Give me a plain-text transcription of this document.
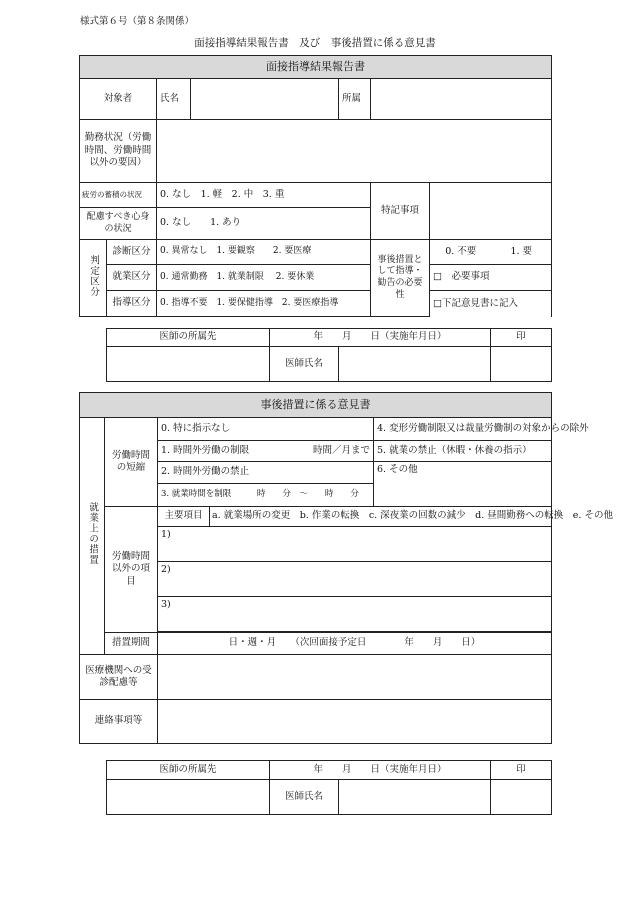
様式第６号（第８条関係）
面接指導結果報告書　及び　事後措置に係る意見書
面接指導結果報告書							
対象者		氏名		所属			
勤務状況（労働時間、労働時間以外の要因）							
疲労の蓄積の状況		0. なし　1. 軽　2. 中　3. 重			特記事項		
配慮すべき心身の状況		0. なし　　1. あり					
判定区分	診断区分	0. 異常なし　1. 要観察　　2. 要医療			事後措置として指導・勧告の必要性	0. 不要	1. 要
	就業区分	0. 通常勤務　1. 就業制限　 2. 要休業				□　必要事項	
	指導区分	0. 指導不要　1. 要保健指導　2. 要医療指導				□下記意見書に記入	
医師の所属先	年　　月　　日（実施年月日）		印
	医師氏名		
事後措置に係る意見書				
就業上の措置	労働時間の短縮	0. 特に指示なし		4. 変形労働制限又は裁量労働制の対象からの除外
		1. 時間外労働の制限 時間／月まで		5. 就業の禁止（休暇・休養の指示）
		2. 時間外労働の禁止		6. その他
		3. 就業時間を制限　　　時　　分　～　　時　　分		
	労働時間以外の項目	主要項目	a. 就業場所の変更　b. 作業の転換　c. 深夜業の回数の減少　d. 昼間勤務への転換　e. その他	
		1)		
		2)		
		3)		

	措置期間	日・週・月　　（次回面接予定日　　　　年　　月　　日）		
医療機関への受診配慮等				
連絡事項等				
医師の所属先	年　　月　　日（実施年月日）		印
	医師氏名		
